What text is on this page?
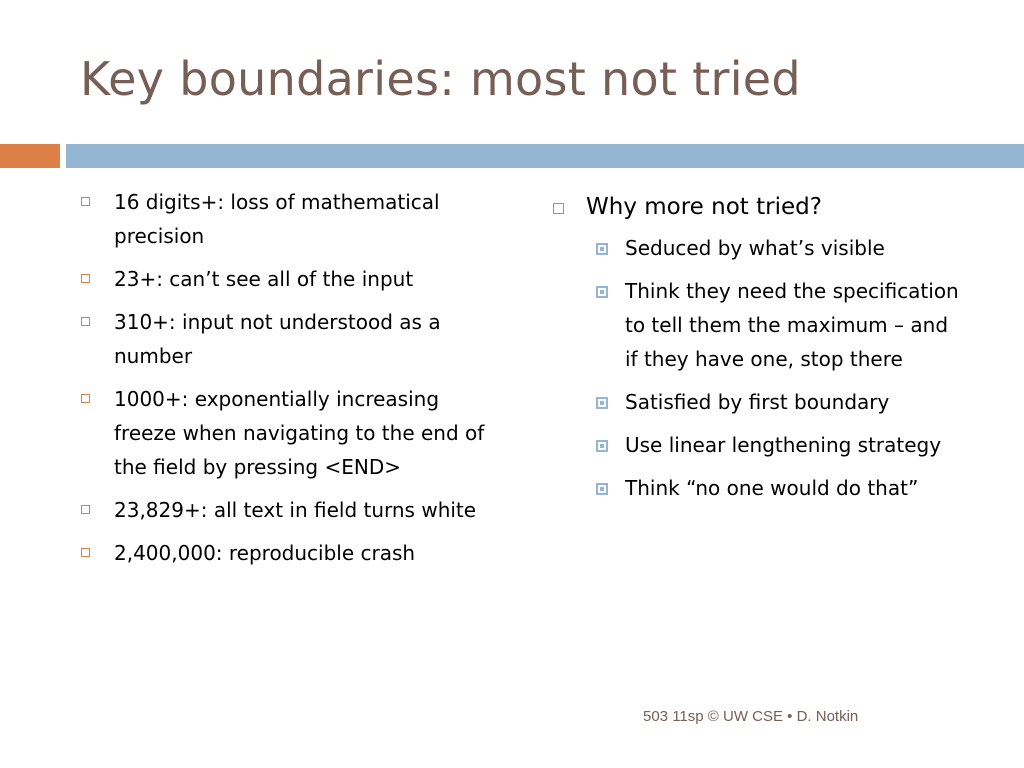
Key boundaries: most not tried
16 digits+: loss of mathematical precision
23+: can’t see all of the input
310+: input not understood as a number
1000+: exponentially increasing freeze when navigating to the end of the field by pressing <END>
23,829+: all text in field turns white
2,400,000: reproducible crash
Why more not tried?
Seduced by what’s visible
Think they need the specification to tell them the maximum – and if they have one, stop there
Satisfied by first boundary
Use linear lengthening strategy
Think “no one would do that”
503 11sp © UW CSE • D. Notkin
